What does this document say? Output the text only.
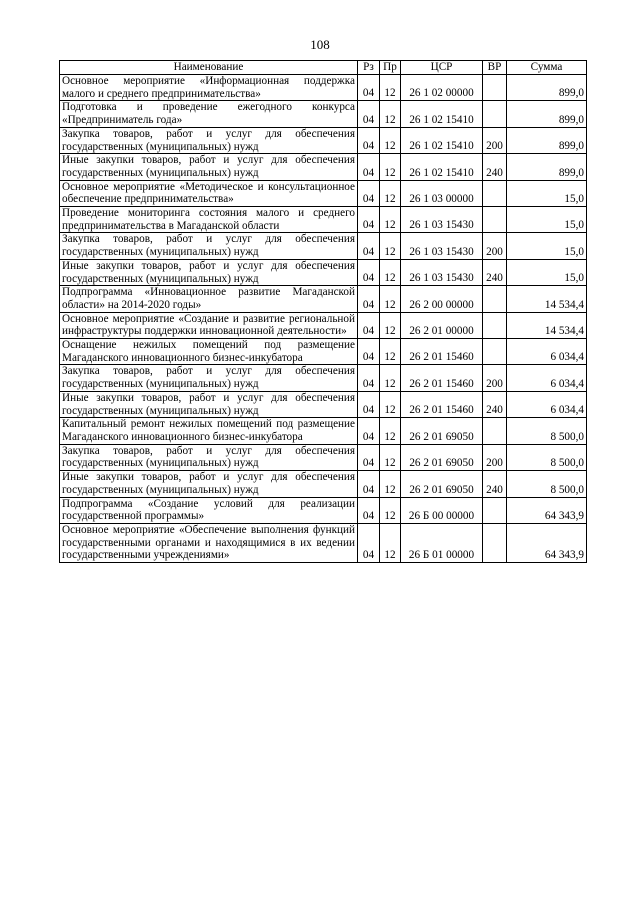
108
Наименование	Рз	Пр	ЦСР	ВР	Сумма
Основное мероприятие «Информационная поддержка малого и среднего предпринимательства»	04	12	26 1 02 00000		899,0
Подготовка и проведение ежегодного конкурса «Предприниматель года»	04	12	26 1 02 15410		899,0
Закупка товаров, работ и услуг для обеспечения государственных (муниципальных) нужд	04	12	26 1 02 15410	200	899,0
Иные закупки товаров, работ и услуг для обеспечения государственных (муниципальных) нужд	04	12	26 1 02 15410	240	899,0
Основное мероприятие «Методическое и консультационное обеспечение предпринимательства»	04	12	26 1 03 00000		15,0
Проведение мониторинга состояния малого и среднего предпринимательства в Магаданской области	04	12	26 1 03 15430		15,0
Закупка товаров, работ и услуг для обеспечения государственных (муниципальных) нужд	04	12	26 1 03 15430	200	15,0
Иные закупки товаров, работ и услуг для обеспечения государственных (муниципальных) нужд	04	12	26 1 03 15430	240	15,0
Подпрограмма «Инновационное развитие Магаданской области» на 2014-2020 годы»	04	12	26 2 00 00000		14 534,4
Основное мероприятие «Создание и развитие региональной инфраструктуры поддержки инновационной деятельности»	04	12	26 2 01 00000		14 534,4
Оснащение нежилых помещений под размещение Магаданского инновационного бизнес-инкубатора	04	12	26 2 01 15460		6 034,4
Закупка товаров, работ и услуг для обеспечения государственных (муниципальных) нужд	04	12	26 2 01 15460	200	6 034,4
Иные закупки товаров, работ и услуг для обеспечения государственных (муниципальных) нужд	04	12	26 2 01 15460	240	6 034,4
Капитальный ремонт нежилых помещений под размещение Магаданского инновационного бизнес-инкубатора	04	12	26 2 01 69050		8 500,0
Закупка товаров, работ и услуг для обеспечения государственных (муниципальных) нужд	04	12	26 2 01 69050	200	8 500,0
Иные закупки товаров, работ и услуг для обеспечения государственных (муниципальных) нужд	04	12	26 2 01 69050	240	8 500,0
Подпрограмма «Создание условий для реализации государственной программы»	04	12	26 Б 00 00000		64 343,9
Основное мероприятие «Обеспечение выполнения функций государственными органами и находящимися в их ведении государственными учреждениями»	04	12	26 Б 01 00000		64 343,9
